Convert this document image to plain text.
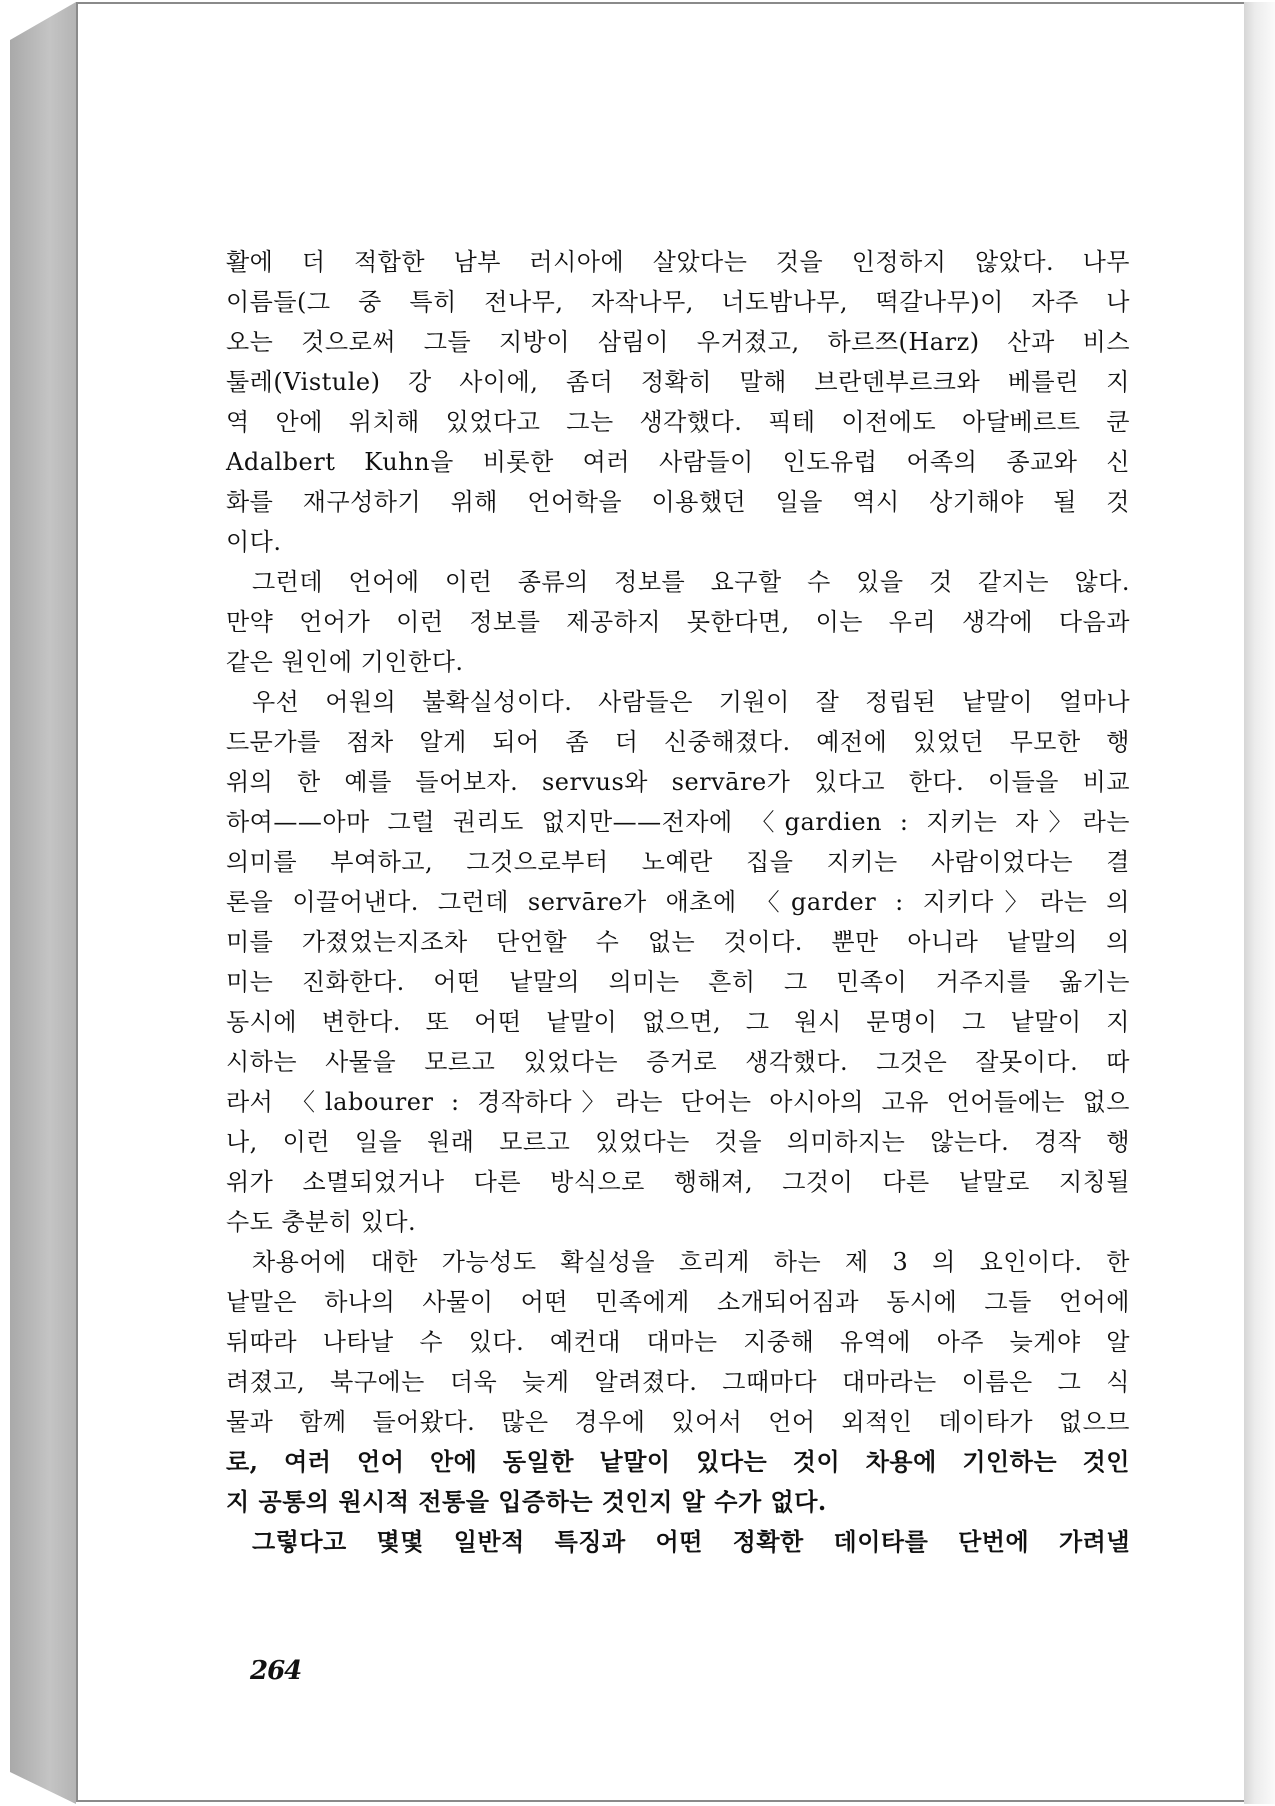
활에 더 적합한 남부 러시아에 살았다는 것을 인정하지 않았다. 나무
이름들(그 중 특히 전나무, 자작나무, 너도밤나무, 떡갈나무)이 자주 나
오는 것으로써 그들 지방이 삼림이 우거졌고, 하르쯔(Harz) 산과 비스
툴레(Vistule) 강 사이에, 좀더 정확히 말해 브란덴부르크와 베를린 지
역 안에 위치해 있었다고 그는 생각했다. 픽테 이전에도 아달베르트 쿤
Adalbert Kuhn을 비롯한 여러 사람들이 인도유럽 어족의 종교와 신
화를 재구성하기 위해 언어학을 이용했던 일을 역시 상기해야 될 것
이다.
그런데 언어에 이런 종류의 정보를 요구할 수 있을 것 같지는 않다.
만약 언어가 이런 정보를 제공하지 못한다면, 이는 우리 생각에 다음과
같은 원인에 기인한다.
우선 어원의 불확실성이다. 사람들은 기원이 잘 정립된 낱말이 얼마나
드문가를 점차 알게 되어 좀 더 신중해졌다. 예전에 있었던 무모한 행
위의 한 예를 들어보자. servus와 servāre가 있다고 한다. 이들을 비교
하여——아마 그럴 권리도 없지만——전자에 〈gardien : 지키는 자〉라는
의미를 부여하고, 그것으로부터 노예란 집을 지키는 사람이었다는 결
론을 이끌어낸다. 그런데 servāre가 애초에 〈garder : 지키다〉라는 의
미를 가졌었는지조차 단언할 수 없는 것이다. 뿐만 아니라 낱말의 의
미는 진화한다. 어떤 낱말의 의미는 흔히 그 민족이 거주지를 옮기는
동시에 변한다. 또 어떤 낱말이 없으면, 그 원시 문명이 그 낱말이 지
시하는 사물을 모르고 있었다는 증거로 생각했다. 그것은 잘못이다. 따
라서 〈labourer : 경작하다〉라는 단어는 아시아의 고유 언어들에는 없으
나, 이런 일을 원래 모르고 있었다는 것을 의미하지는 않는다. 경작 행
위가 소멸되었거나 다른 방식으로 행해져, 그것이 다른 낱말로 지칭될
수도 충분히 있다.
차용어에 대한 가능성도 확실성을 흐리게 하는 제 3 의 요인이다. 한
낱말은 하나의 사물이 어떤 민족에게 소개되어짐과 동시에 그들 언어에
뒤따라 나타날 수 있다. 예컨대 대마는 지중해 유역에 아주 늦게야 알
려졌고, 북구에는 더욱 늦게 알려졌다. 그때마다 대마라는 이름은 그 식
물과 함께 들어왔다. 많은 경우에 있어서 언어 외적인 데이타가 없으므
로, 여러 언어 안에 동일한 낱말이 있다는 것이 차용에 기인하는 것인
지 공통의 원시적 전통을 입증하는 것인지 알 수가 없다.
그렇다고 몇몇 일반적 특징과 어떤 정확한 데이타를 단번에 가려낼
264
